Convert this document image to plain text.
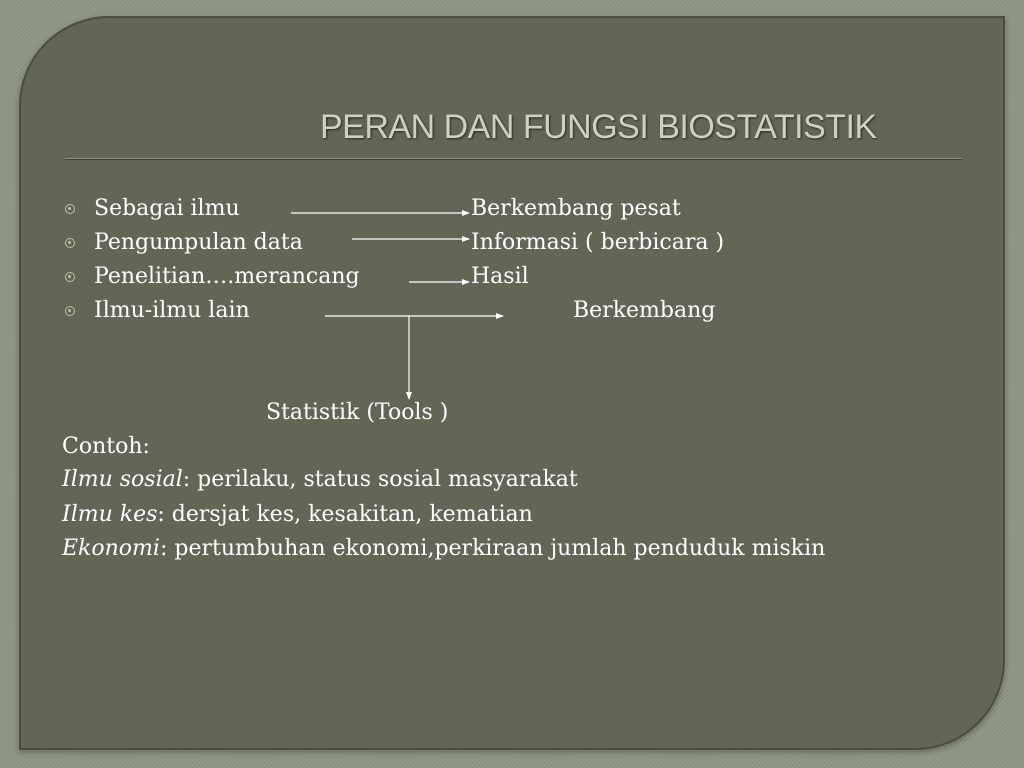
PERAN DAN FUNGSI BIOSTATISTIK

Sebagai ilmu

Pengumpulan data

Penelitian….merancang

Ilmu-ilmu lain

Berkembang pesat

Informasi ( berbicara )

Hasil

Berkembang

Statistik (Tools )

Contoh:

Ilmu sosial: perilaku, status sosial masyarakat

Ilmu kes: dersjat kes, kesakitan, kematian

Ekonomi: pertumbuhan ekonomi,perkiraan jumlah penduduk miskin
